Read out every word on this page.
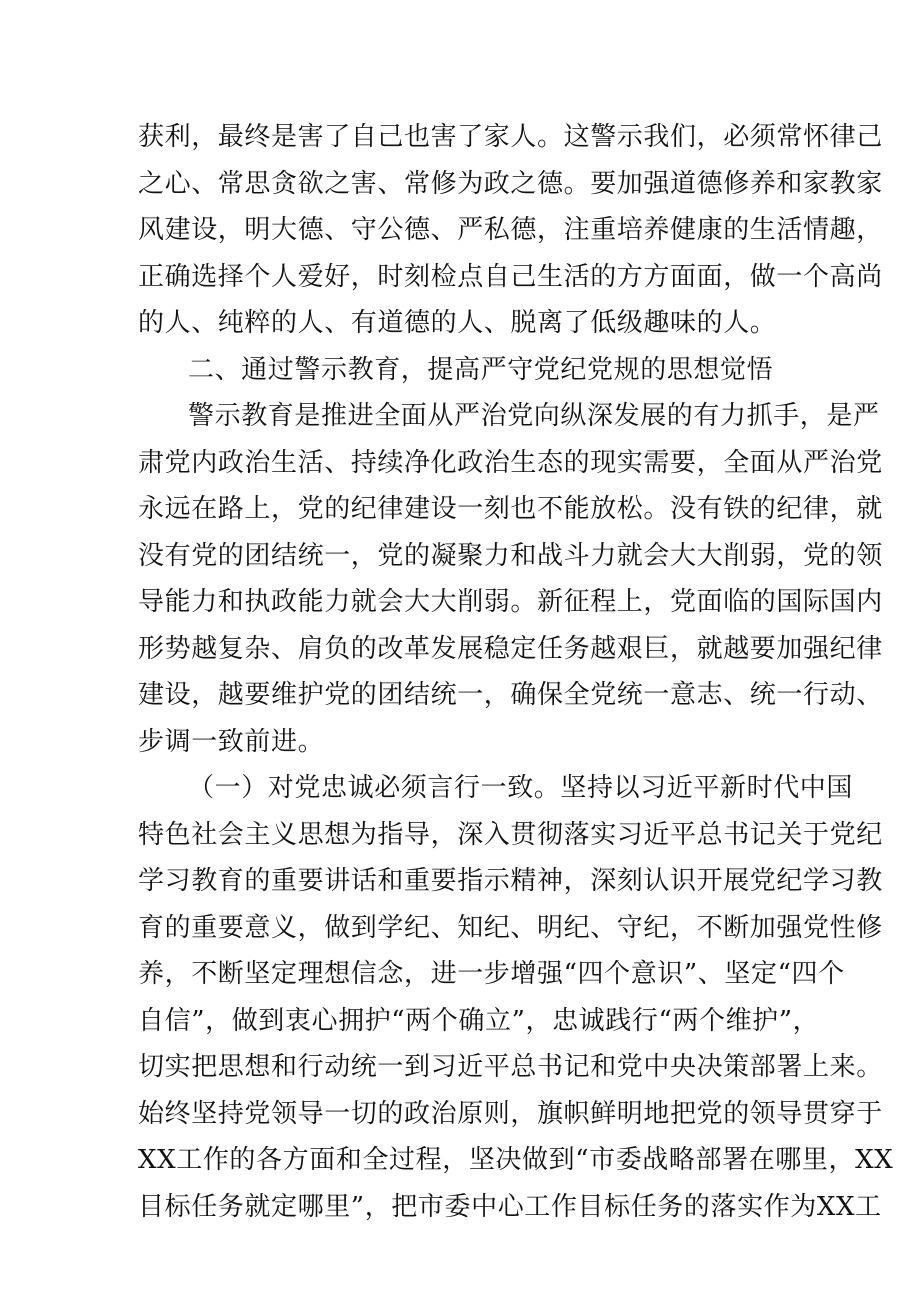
获利，最终是害了自己也害了家人。这警示我们，必须常怀律己
之心、常思贪欲之害、常修为政之德。要加强道德修养和家教家
风建设，明大德、守公德、严私德，注重培养健康的生活情趣，
正确选择个人爱好，时刻检点自己生活的方方面面，做一个高尚
的人、纯粹的人、有道德的人、脱离了低级趣味的人。
二、通过警示教育，提高严守党纪党规的思想觉悟
警示教育是推进全面从严治党向纵深发展的有力抓手，是严
肃党内政治生活、持续净化政治生态的现实需要，全面从严治党
永远在路上，党的纪律建设一刻也不能放松。没有铁的纪律，就
没有党的团结统一，党的凝聚力和战斗力就会大大削弱，党的领
导能力和执政能力就会大大削弱。新征程上，党面临的国际国内
形势越复杂、肩负的改革发展稳定任务越艰巨，就越要加强纪律
建设，越要维护党的团结统一，确保全党统一意志、统一行动、
步调一致前进。
（一）对党忠诚必须言行一致。坚持以习近平新时代中国
特色社会主义思想为指导，深入贯彻落实习近平总书记关于党纪
学习教育的重要讲话和重要指示精神，深刻认识开展党纪学习教
育的重要意义，做到学纪、知纪、明纪、守纪，不断加强党性修
养，不断坚定理想信念，进一步增强“四个意识”、坚定“四个
自信”，做到衷心拥护“两个确立”，忠诚践行“两个维护”，
切实把思想和行动统一到习近平总书记和党中央决策部署上来。
始终坚持党领导一切的政治原则，旗帜鲜明地把党的领导贯穿于
XX工作的各方面和全过程，坚决做到“市委战略部署在哪里，XX
目标任务就定哪里”，把市委中心工作目标任务的落实作为XX工
